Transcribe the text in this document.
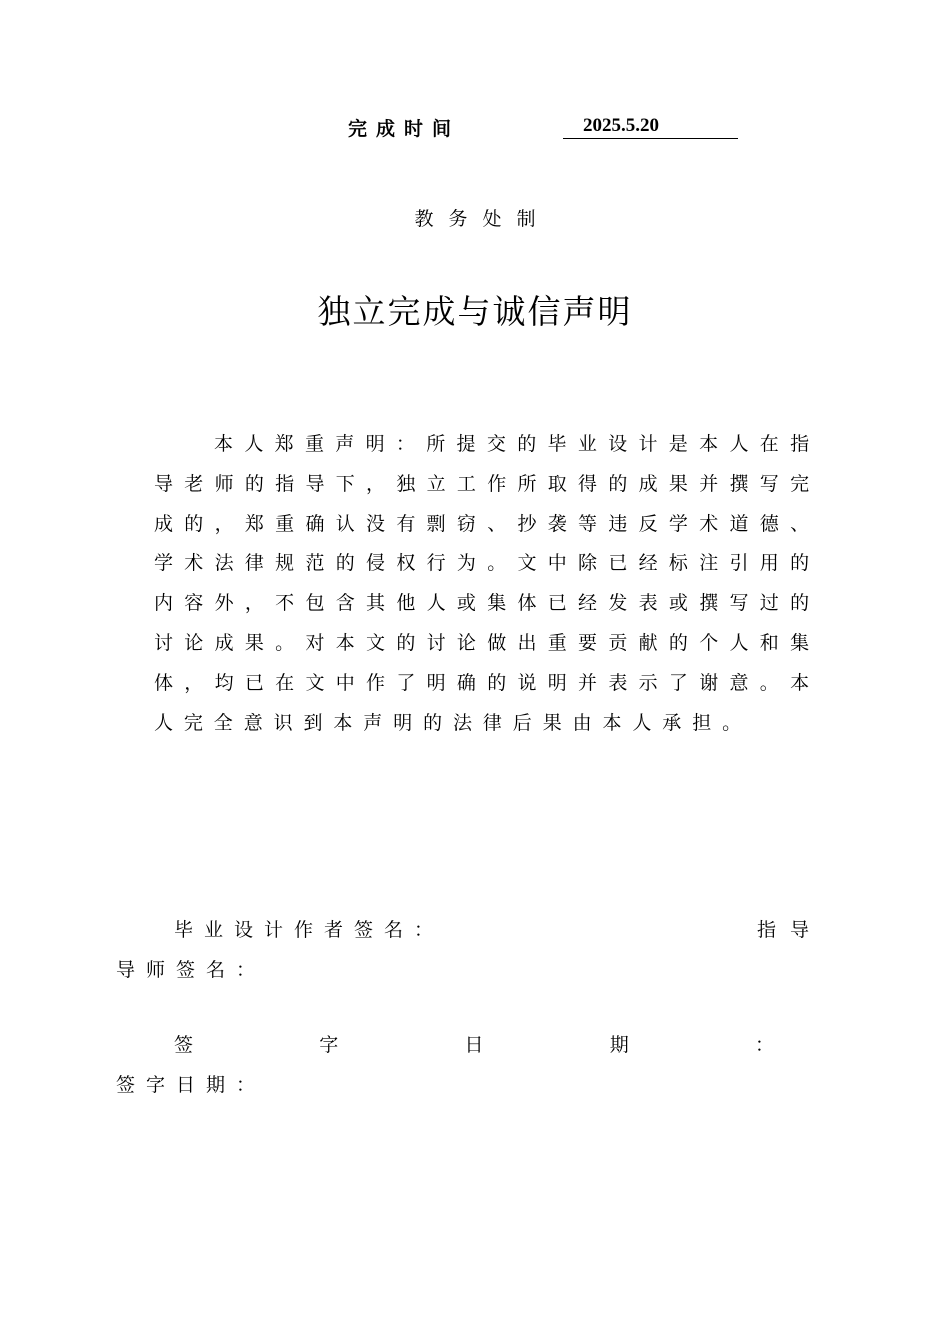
完成时间	2025.5.20
教务处制
独立完成与诚信声明
本人郑重声明：所提交的毕业设计是本人在指导老师的指导下，独立工作所取得的成果并撰写完成的，郑重确认没有剽窃、抄袭等违反学术道德、学术法律规范的侵权行为。文中除已经标注引用的内容外，不包含其他人或集体已经发表或撰写过的讨论成果。对本文的讨论做出重要贡献的个人和集体，均已在文中作了明确的说明并表示了谢意。本人完全意识到本声明的法律后果由本人承担。
毕业设计作者签名：	指导
导师签名：
签	字	日	期	：
签字日期：
